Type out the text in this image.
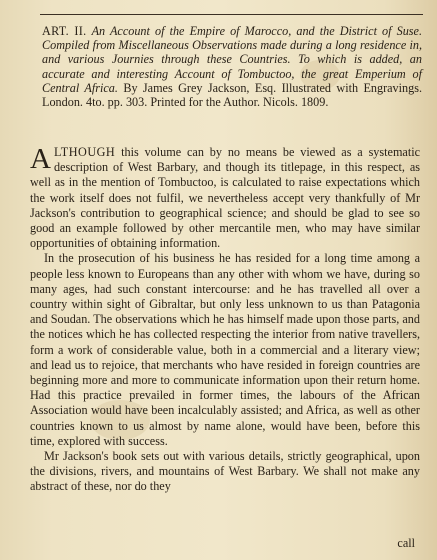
ART. II. An Account of the Empire of Marocco, and the District of Suse. Compiled from Miscellaneous Observations made during a long residence in, and various Journies through these Countries. To which is added, an accurate and interesting Account of Tombuctoo, the great Emperium of Central Africa. By James Grey Jackson, Esq. Illustrated with Engravings. London. 4to. pp. 303. Printed for the Author. Nicols. 1809.

ALTHOUGH this volume can by no means be viewed as a systematic description of West Barbary, and though its titlepage, in this respect, as well as in the mention of Tombuctoo, is calculated to raise expectations which the work itself does not fulfil, we nevertheless accept very thankfully of Mr Jackson's contribution to geographical science; and should be glad to see so good an example followed by other mercantile men, who may have similar opportunities of obtaining information.

In the prosecution of his business he has resided for a long time among a people less known to Europeans than any other with whom we have, during so many ages, had such constant intercourse: and he has travelled all over a country within sight of Gibraltar, but only less unknown to us than Patagonia and Soudan. The observations which he has himself made upon those parts, and the notices which he has collected respecting the interior from native travellers, form a work of considerable value, both in a commercial and a literary view; and lead us to rejoice, that merchants who have resided in foreign countries are beginning more and more to communicate information upon their return home. Had this practice prevailed in former times, the labours of the African Association would have been incalculably assisted; and Africa, as well as other countries known to us almost by name alone, would have been, before this time, explored with success.

Mr Jackson's book sets out with various details, strictly geographical, upon the divisions, rivers, and mountains of West Barbary. We shall not make any abstract of these, nor do they

call
